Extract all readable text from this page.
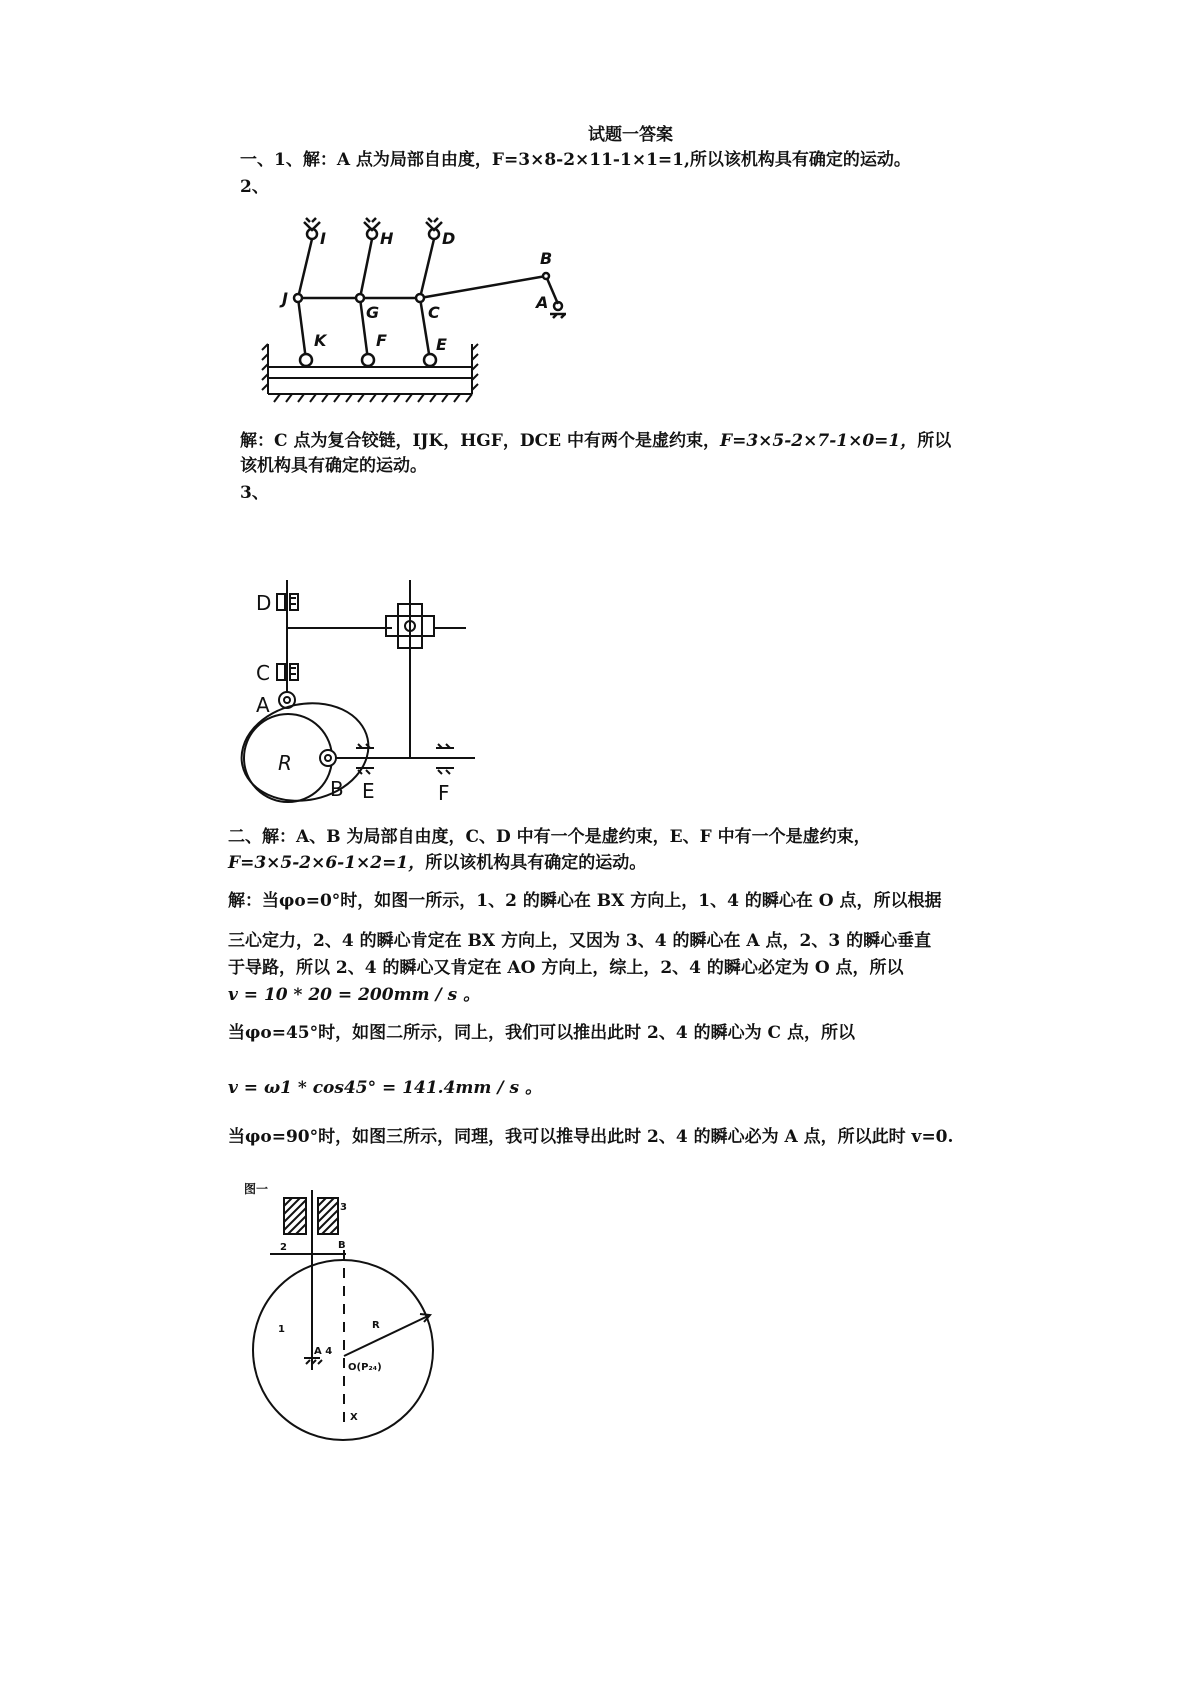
试题一答案
一、1、解：A 点为局部自由度，F=3×8-2×11-1×1=1,所以该机构具有确定的运动。
2、
I	H	D
B
J
G	C
A
K	F	E
解：C 点为复合铰链，IJK，HGF，DCE 中有两个是虚约束，F=3×5-2×7-1×0=1，所以
该机构具有确定的运动。
3、
D
C
A
R
B E	F
二、解：A、B 为局部自由度，C、D 中有一个是虚约束，E、F 中有一个是虚约束，
F=3×5-2×6-1×2=1，所以该机构具有确定的运动。
解：当φo=0°时，如图一所示，1、2 的瞬心在 BX 方向上，1、4 的瞬心在 O 点，所以根据
三心定力，2、4 的瞬心肯定在 BX 方向上，又因为 3、4 的瞬心在 A 点，2、3 的瞬心垂直
于导路，所以 2、4 的瞬心又肯定在 AO 方向上，综上，2、4 的瞬心必定为 O 点，所以
v = 10 * 20 = 200mm / s 。
当φo=45°时，如图二所示，同上，我们可以推出此时 2、4 的瞬心为 C 点，所以
v = ω1 * cos45° = 141.4mm / s 。
当φo=90°时，如图三所示，同理，我可以推导出此时 2、4 的瞬心必为 A 点，所以此时 v=0.
图一
3
2	B
1	R
A 4
O(P₂₄)
X
